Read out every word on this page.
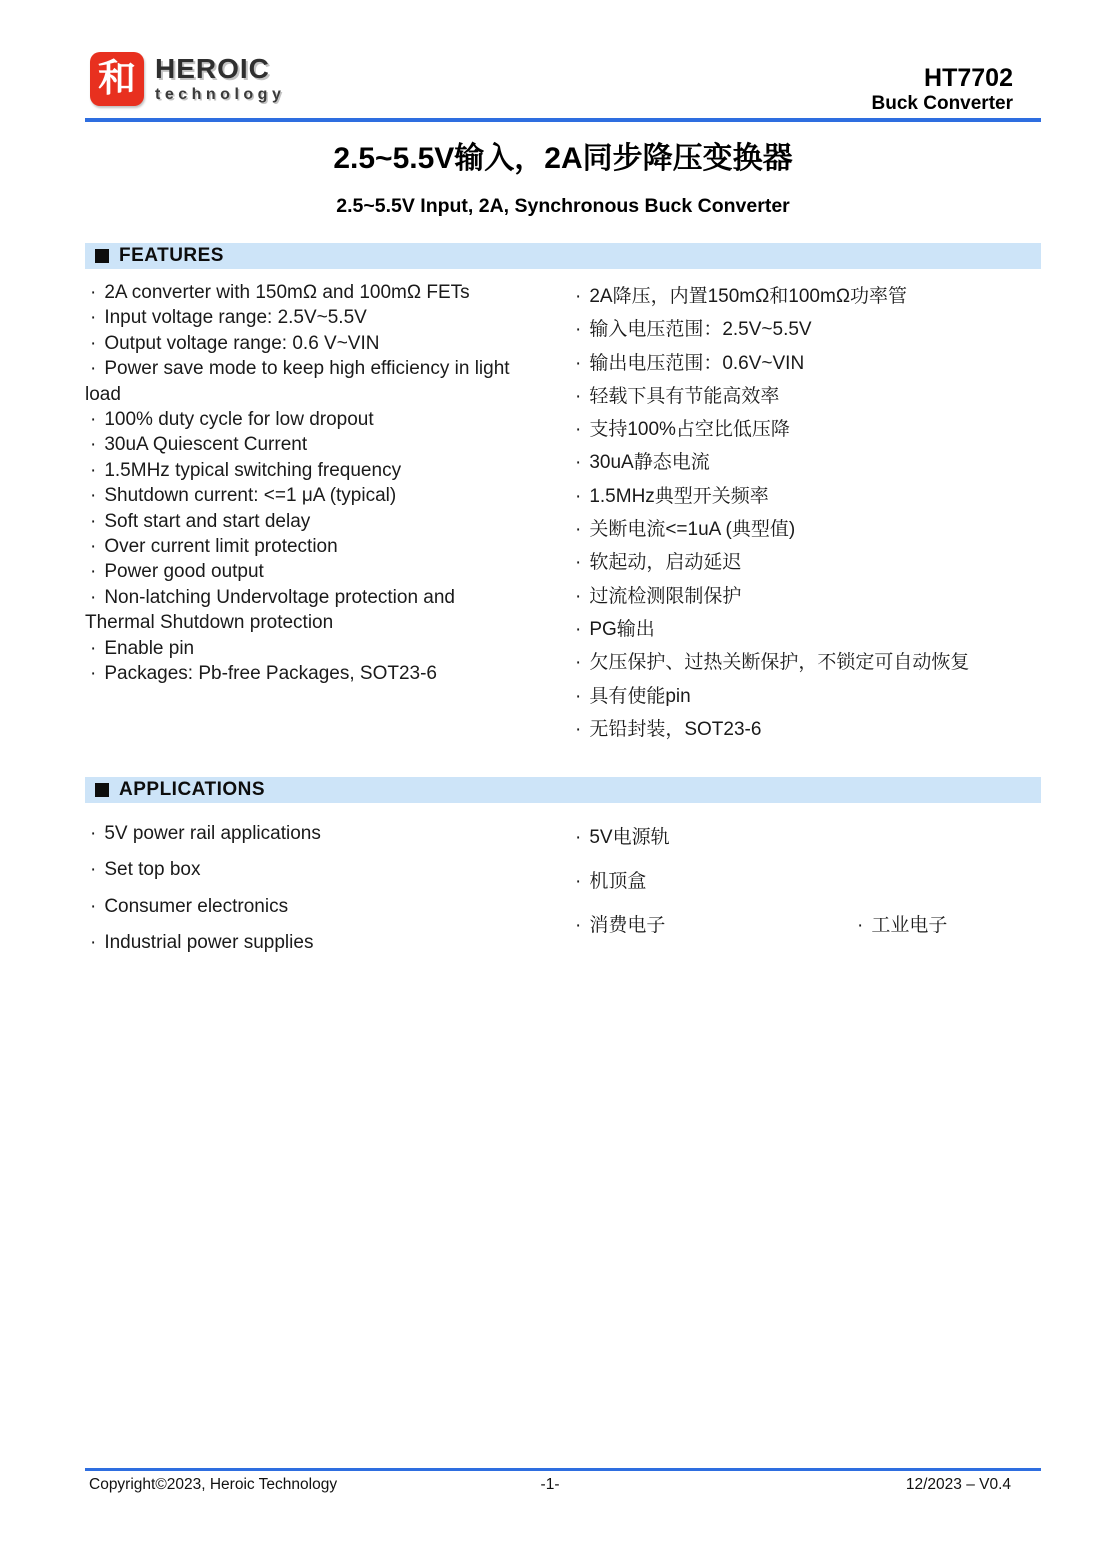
和 HEROIC
technology
HT7702
Buck Converter
2.5~5.5V输入，2A同步降压变换器
2.5~5.5V Input, 2A, Synchronous Buck Converter
FEATURES
· 2A converter with 150mΩ and 100mΩ FETs
· Input voltage range: 2.5V~5.5V
· Output voltage range: 0.6 V~VIN
· Power save mode to keep high efficiency in light
load
· 100% duty cycle for low dropout
· 30uA Quiescent Current
· 1.5MHz typical switching frequency
· Shutdown current: <=1 μA (typical)
· Soft start and start delay
· Over current limit protection
· Power good output
· Non-latching Undervoltage protection and
Thermal Shutdown protection
· Enable pin
· Packages: Pb-free Packages, SOT23-6
· 2A降压，内置150mΩ和100mΩ功率管
· 输入电压范围：2.5V~5.5V
· 输出电压范围：0.6V~VIN
· 轻载下具有节能高效率
· 支持100%占空比低压降
· 30uA静态电流
· 1.5MHz典型开关频率
· 关断电流<=1uA (典型值)
· 软起动，启动延迟
· 过流检测限制保护
· PG输出
· 欠压保护、过热关断保护，不锁定可自动恢复
· 具有使能pin
· 无铅封装，SOT23-6
APPLICATIONS
· 5V power rail applications
· Set top box
· Consumer electronics
· Industrial power supplies
· 工业电子
· 5V电源轨
· 机顶盒
· 消费电子
Copyright©2023, Heroic Technology	-1-	12/2023 – V0.4
